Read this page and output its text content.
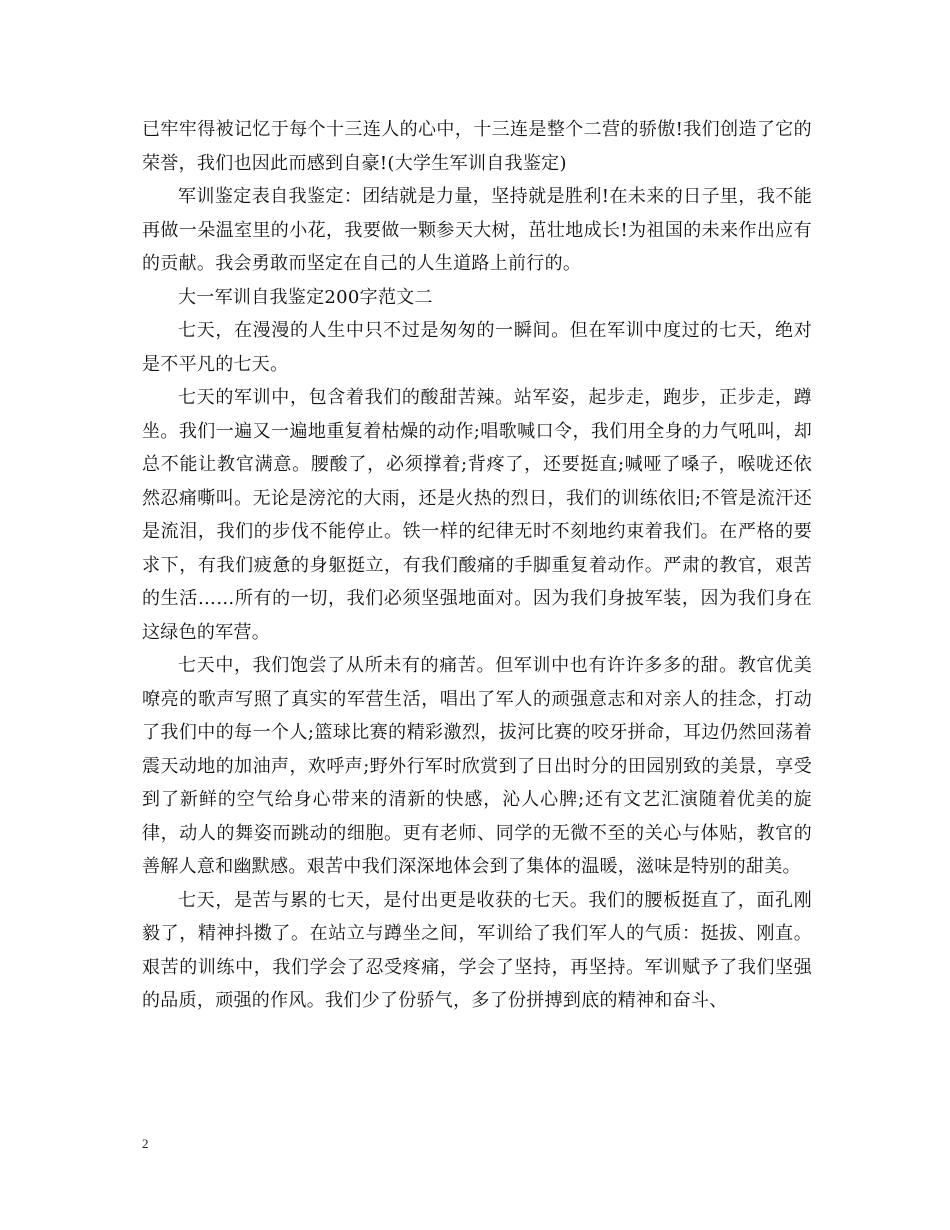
已牢牢得被记忆于每个十三连人的心中，十三连是整个二营的骄傲!我们创造了它的荣誉，我们也因此而感到自豪!(大学生军训自我鉴定)

军训鉴定表自我鉴定：团结就是力量，坚持就是胜利!在未来的日子里，我不能再做一朵温室里的小花，我要做一颗参天大树，茁壮地成长!为祖国的未来作出应有的贡献。我会勇敢而坚定在自己的人生道路上前行的。

大一军训自我鉴定200字范文二

七天，在漫漫的人生中只不过是匆匆的一瞬间。但在军训中度过的七天，绝对是不平凡的七天。

七天的军训中，包含着我们的酸甜苦辣。站军姿，起步走，跑步，正步走，蹲坐。我们一遍又一遍地重复着枯燥的动作;唱歌喊口令，我们用全身的力气吼叫，却总不能让教官满意。腰酸了，必须撑着;背疼了，还要挺直;喊哑了嗓子，喉咙还依然忍痛嘶叫。无论是滂沱的大雨，还是火热的烈日，我们的训练依旧;不管是流汗还是流泪，我们的步伐不能停止。铁一样的纪律无时不刻地约束着我们。在严格的要求下，有我们疲惫的身躯挺立，有我们酸痛的手脚重复着动作。严肃的教官，艰苦的生活……所有的一切，我们必须坚强地面对。因为我们身披军装，因为我们身在这绿色的军营。

七天中，我们饱尝了从所未有的痛苦。但军训中也有许许多多的甜。教官优美嘹亮的歌声写照了真实的军营生活，唱出了军人的顽强意志和对亲人的挂念，打动了我们中的每一个人;篮球比赛的精彩激烈，拔河比赛的咬牙拼命，耳边仍然回荡着震天动地的加油声，欢呼声;野外行军时欣赏到了日出时分的田园别致的美景，享受到了新鲜的空气给身心带来的清新的快感，沁人心脾;还有文艺汇演随着优美的旋律，动人的舞姿而跳动的细胞。更有老师、同学的无微不至的关心与体贴，教官的善解人意和幽默感。艰苦中我们深深地体会到了集体的温暖，滋味是特别的甜美。

七天，是苦与累的七天，是付出更是收获的七天。我们的腰板挺直了，面孔刚毅了，精神抖擞了。在站立与蹲坐之间，军训给了我们军人的气质：挺拔、刚直。艰苦的训练中，我们学会了忍受疼痛，学会了坚持，再坚持。军训赋予了我们坚强的品质，顽强的作风。我们少了份骄气，多了份拼搏到底的精神和奋斗、

2
